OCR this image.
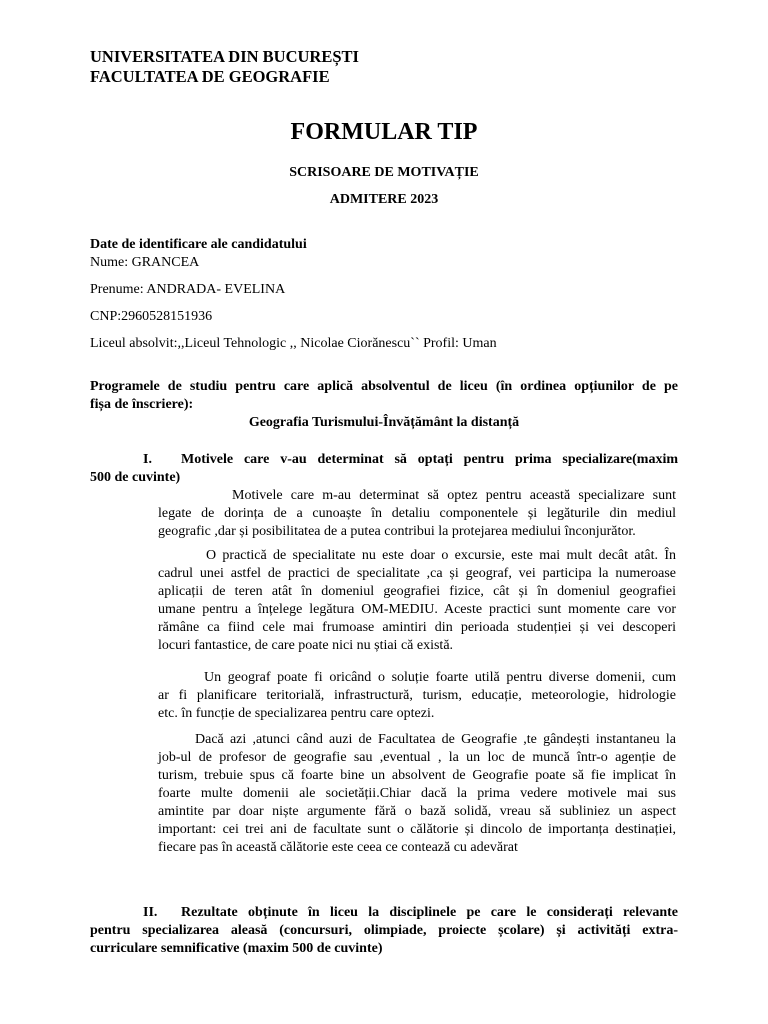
UNIVERSITATEA DIN BUCUREȘTI
FACULTATEA DE GEOGRAFIE
FORMULAR TIP
SCRISOARE DE MOTIVAȚIE
ADMITERE 2023
Date de identificare ale candidatului
Nume: GRANCEA
Prenume: ANDRADA- EVELINA
CNP:2960528151936
Liceul absolvit:,,Liceul Tehnologic ,, Nicolae Ciorănescu`` Profil: Uman
Programele de studiu pentru care aplică absolventul de liceu (în ordinea opțiunilor de pe
fișa de înscriere):
Geografia Turismului-Învățământ la distanță
I. Motivele care v-au determinat să optați pentru prima specializare(maxim
500 de cuvinte)
Motivele care m-au determinat să optez pentru această specializare sunt
legate de dorința de a cunoaște în detaliu componentele și legăturile din mediul
geografic ,dar și posibilitatea de a putea contribui la protejarea mediului înconjurător.
O practică de specialitate nu este doar o excursie, este mai mult decât atât. În
cadrul unei astfel de practici de specialitate ,ca și geograf, vei participa la numeroase
aplicații de teren atât în domeniul geografiei fizice, cât și în domeniul geografiei
umane pentru a înțelege legătura OM-MEDIU. Aceste practici sunt momente care vor
rămâne ca fiind cele mai frumoase amintiri din perioada studenției și vei descoperi
locuri fantastice, de care poate nici nu știai că există.
Un geograf poate fi oricând o soluție foarte utilă pentru diverse domenii, cum
ar fi planificare teritorială, infrastructură, turism, educație, meteorologie, hidrologie
etc. în funcție de specializarea pentru care optezi.
Dacă azi ,atunci când auzi de Facultatea de Geografie ,te gândești instantaneu la
job-ul de profesor de geografie sau ,eventual , la un loc de muncă într-o agenție de
turism, trebuie spus că foarte bine un absolvent de Geografie poate să fie implicat în
foarte multe domenii ale societății.Chiar dacă la prima vedere motivele mai sus
amintite par doar niște argumente fără o bază solidă, vreau să subliniez un aspect
important: cei trei ani de facultate sunt o călătorie și dincolo de importanța destinației,
fiecare pas în această călătorie este ceea ce contează cu adevărat
II. Rezultate obținute în liceu la disciplinele pe care le considerați relevante
pentru specializarea aleasă (concursuri, olimpiade, proiecte școlare) și activități extra-
curriculare semnificative (maxim 500 de cuvinte)
